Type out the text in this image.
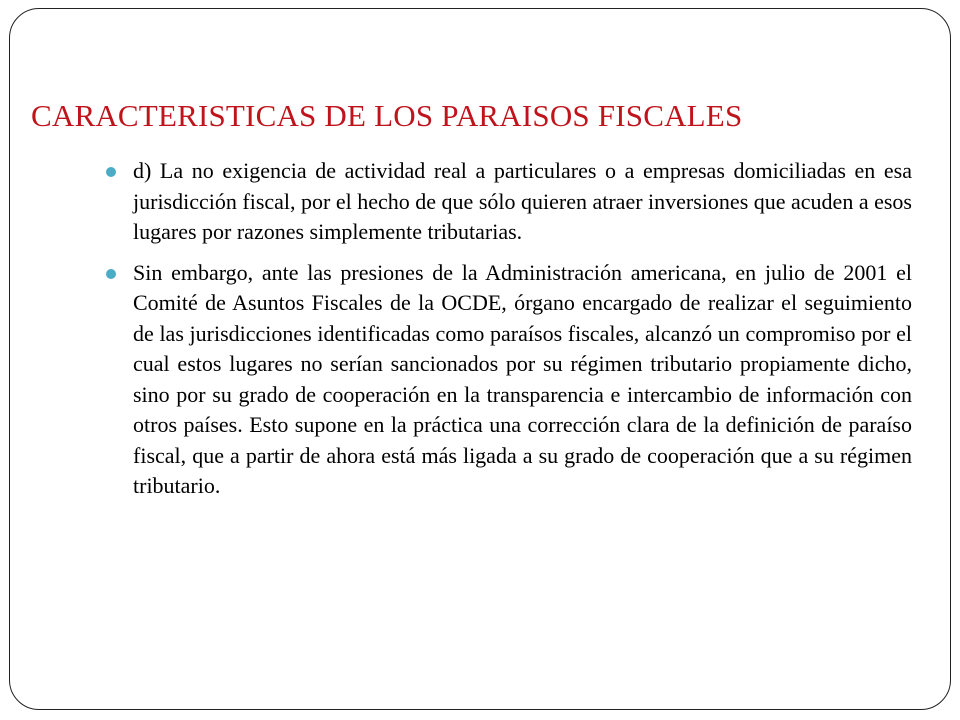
CARACTERISTICAS DE LOS PARAISOS FISCALES
d) La no exigencia de actividad real a particulares o a empresas domiciliadas en esa jurisdicción fiscal, por el hecho de que sólo quieren atraer inversiones que acuden a esos lugares por razones simplemente tributarias.
Sin embargo, ante las presiones de la Administración americana, en julio de 2001 el Comité de Asuntos Fiscales de la OCDE, órgano encargado de realizar el seguimiento de las jurisdicciones identificadas como paraísos fiscales, alcanzó un compromiso por el cual estos lugares no serían sancionados por su régimen tributario propiamente dicho, sino por su grado de cooperación en la transparencia e intercambio de información con otros países. Esto supone en la práctica una corrección clara de la definición de paraíso fiscal, que a partir de ahora está más ligada a su grado de cooperación que a su régimen tributario.
